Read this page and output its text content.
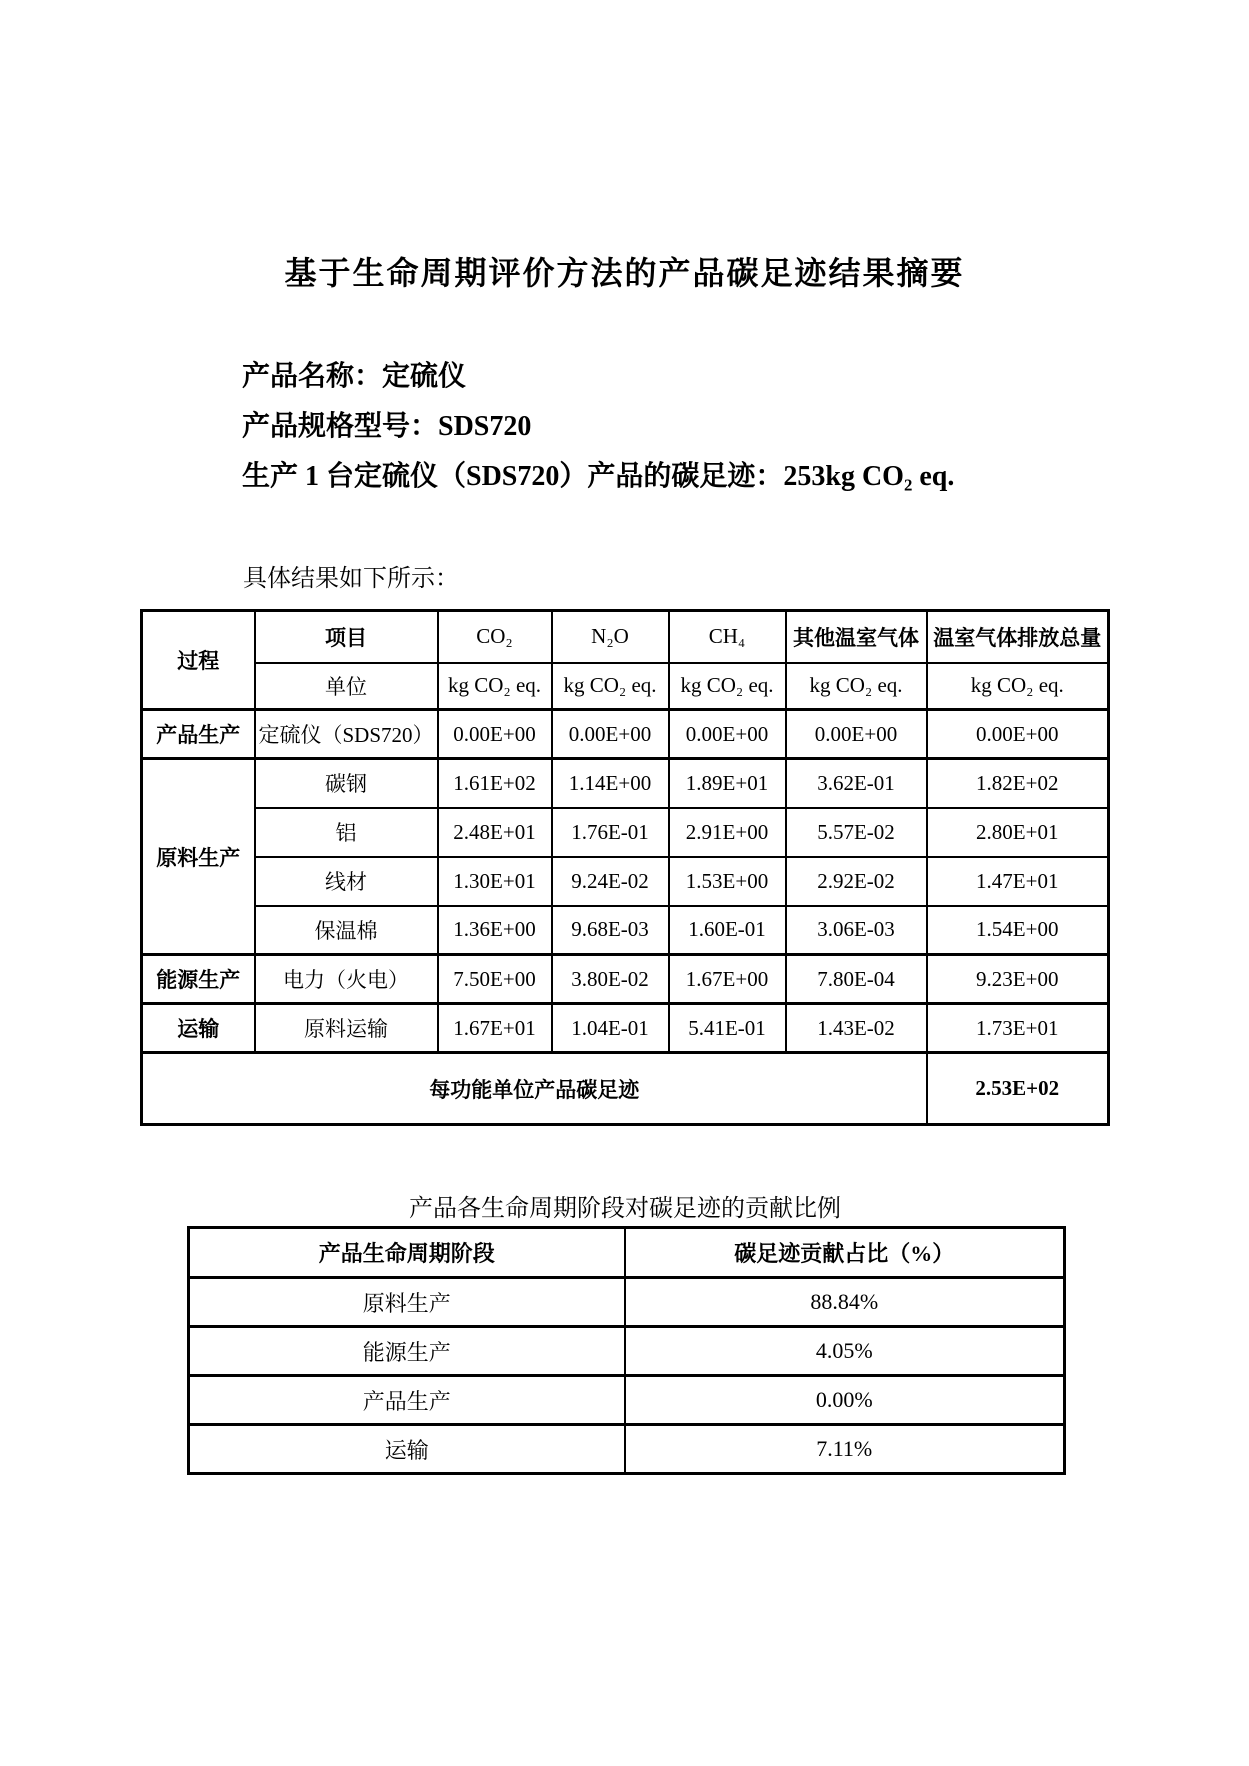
基于生命周期评价方法的产品碳足迹结果摘要

产品名称：定硫仪

产品规格型号：SDS720

生产 1 台定硫仪（SDS720）产品的碳足迹：253kg CO₂ eq.

具体结果如下所示：
过程	项目	CO₂	N₂O	CH₄	其他温室气体	温室气体排放总量
	单位	kg CO₂ eq.	kg CO₂ eq.	kg CO₂ eq.	kg CO₂ eq.	kg CO₂ eq.
产品生产	定硫仪（SDS720）	0.00E+00	0.00E+00	0.00E+00	0.00E+00	0.00E+00
原料生产	碳钢	1.61E+02	1.14E+00	1.89E+01	3.62E-01	1.82E+02
	铝	2.48E+01	1.76E-01	2.91E+00	5.57E-02	2.80E+01
	线材	1.30E+01	9.24E-02	1.53E+00	2.92E-02	1.47E+01
	保温棉	1.36E+00	9.68E-03	1.60E-01	3.06E-03	1.54E+00
能源生产	电力（火电）	7.50E+00	3.80E-02	1.67E+00	7.80E-04	9.23E+00
运输	原料运输	1.67E+01	1.04E-01	5.41E-01	1.43E-02	1.73E+01
每功能单位产品碳足迹						2.53E+02
产品各生命周期阶段对碳足迹的贡献比例
产品生命周期阶段	碳足迹贡献占比（%）
原料生产	88.84%
能源生产	4.05%
产品生产	0.00%
运输	7.11%
